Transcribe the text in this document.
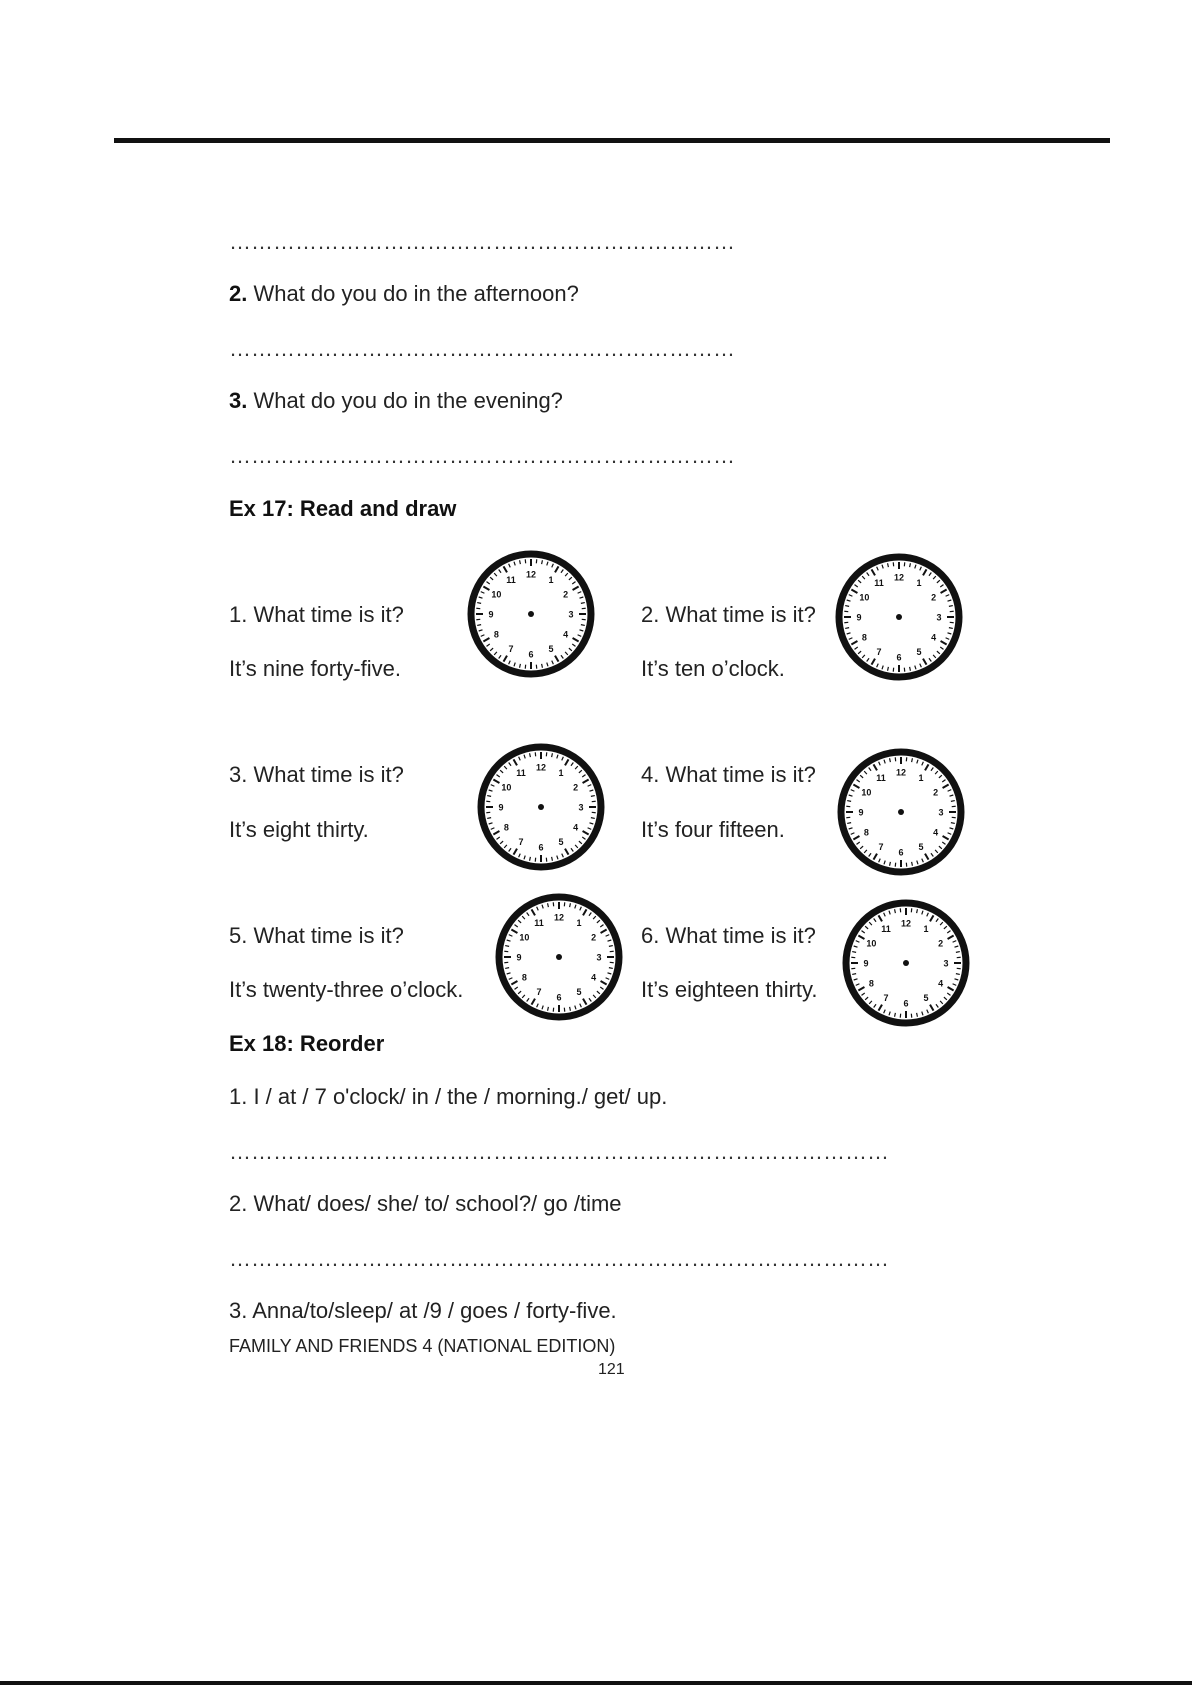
……………………………………………………………
2. What do you do in the afternoon?
……………………………………………………………
3. What do you do in the evening?
……………………………………………………………
Ex 17: Read and draw
1. What time is it?
It’s nine forty-five.
2. What time is it?
It’s ten o’clock.
3. What time is it?
It’s eight thirty.
4. What time is it?
It’s four fifteen.
5. What time is it?
It’s twenty-three o’clock.
6. What time is it?
It’s eighteen thirty.
12
1
2
3
4
5
6
7
8
9
10
11	12
1
2
3
4
5
6
7
8
9
10
11
12
1
2
3
4
5
6
7
8
9
10
11	12
1
2
3
4
5
6
7
8
9
10
11
12
1
2
3
4
5
6
7
8
9
10
11	12
1
2
3
4
5
6
7
8
9
10
11
Ex 18: Reorder
1. I / at / 7 o'clock/ in / the / morning./ get/ up.
………………………………………………………………………………
2. What/ does/ she/ to/ school?/ go /time
………………………………………………………………………………
3. Anna/to/sleep/ at /9 / goes / forty-five.
FAMILY AND FRIENDS 4 (NATIONAL EDITION)
121
